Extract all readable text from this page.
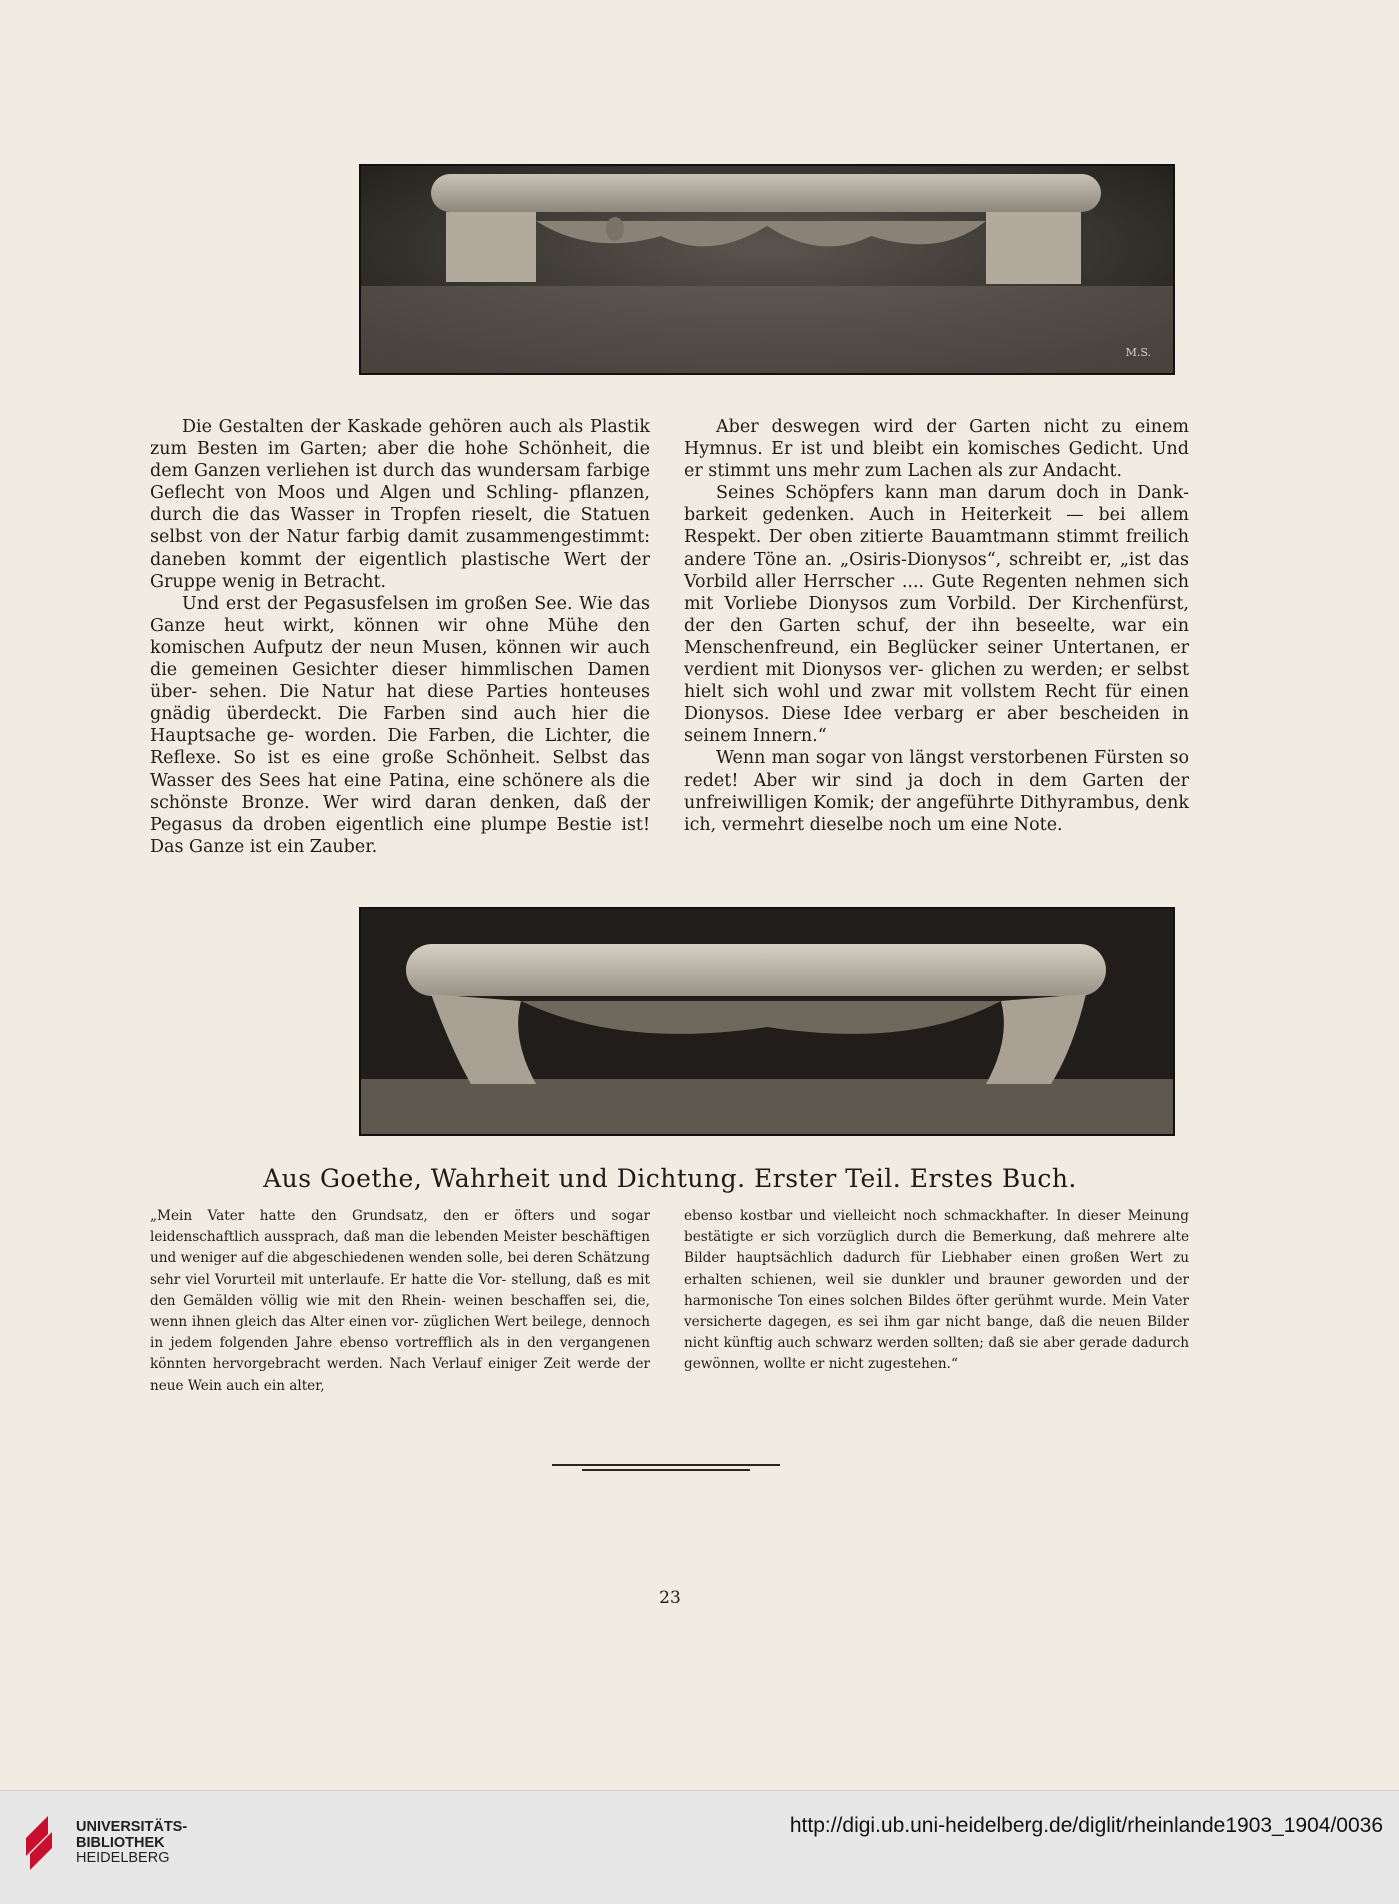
M.S.

Die Gestalten der Kaskade gehören auch als Plastik zum Besten im Garten; aber die hohe Schönheit, die dem Ganzen verliehen ist durch das wundersam farbige Geflecht von Moos und Algen und Schling- pflanzen, durch die das Wasser in Tropfen rieselt, die Statuen selbst von der Natur farbig damit zusammengestimmt: daneben kommt der eigentlich plastische Wert der Gruppe wenig in Betracht.

Und erst der Pegasusfelsen im großen See. Wie das Ganze heut wirkt, können wir ohne Mühe den komischen Aufputz der neun Musen, können wir auch die gemeinen Gesichter dieser himmlischen Damen über- sehen. Die Natur hat diese Parties honteuses gnädig überdeckt. Die Farben sind auch hier die Hauptsache ge- worden. Die Farben, die Lichter, die Reflexe. So ist es eine große Schönheit. Selbst das Wasser des Sees hat eine Patina, eine schönere als die schönste Bronze. Wer wird daran denken, daß der Pegasus da droben eigentlich eine plumpe Bestie ist! Das Ganze ist ein Zauber.

Aber deswegen wird der Garten nicht zu einem Hymnus. Er ist und bleibt ein komisches Gedicht. Und er stimmt uns mehr zum Lachen als zur Andacht.

Seines Schöpfers kann man darum doch in Dank- barkeit gedenken. Auch in Heiterkeit — bei allem Respekt. Der oben zitierte Bauamtmann stimmt freilich andere Töne an. „Osiris-Dionysos“, schreibt er, „ist das Vorbild aller Herrscher .... Gute Regenten nehmen sich mit Vorliebe Dionysos zum Vorbild. Der Kirchenfürst, der den Garten schuf, der ihn beseelte, war ein Menschenfreund, ein Beglücker seiner Untertanen, er verdient mit Dionysos ver- glichen zu werden; er selbst hielt sich wohl und zwar mit vollstem Recht für einen Dionysos. Diese Idee verbarg er aber bescheiden in seinem Innern.“

Wenn man sogar von längst verstorbenen Fürsten so redet! Aber wir sind ja doch in dem Garten der unfreiwilligen Komik; der angeführte Dithyrambus, denk ich, vermehrt dieselbe noch um eine Note.

Aus Goethe, Wahrheit und Dichtung. Erster Teil. Erstes Buch.

„Mein Vater hatte den Grundsatz, den er öfters und sogar leidenschaftlich aussprach, daß man die lebenden Meister beschäftigen und weniger auf die abgeschiedenen wenden solle, bei deren Schätzung sehr viel Vorurteil mit unterlaufe. Er hatte die Vor- stellung, daß es mit den Gemälden völlig wie mit den Rhein- weinen beschaffen sei, die, wenn ihnen gleich das Alter einen vor- züglichen Wert beilege, dennoch in jedem folgenden Jahre ebenso vortrefflich als in den vergangenen könnten hervorgebracht werden. Nach Verlauf einiger Zeit werde der neue Wein auch ein alter,

ebenso kostbar und vielleicht noch schmackhafter. In dieser Meinung bestätigte er sich vorzüglich durch die Bemerkung, daß mehrere alte Bilder hauptsächlich dadurch für Liebhaber einen großen Wert zu erhalten schienen, weil sie dunkler und brauner geworden und der harmonische Ton eines solchen Bildes öfter gerühmt wurde. Mein Vater versicherte dagegen, es sei ihm gar nicht bange, daß die neuen Bilder nicht künftig auch schwarz werden sollten; daß sie aber gerade dadurch gewönnen, wollte er nicht zugestehen.“

23
UNIVERSITÄTS-
BIBLIOTHEK
HEIDELBERG
http://digi.ub.uni-heidelberg.de/diglit/rheinlande1903_1904/0036
